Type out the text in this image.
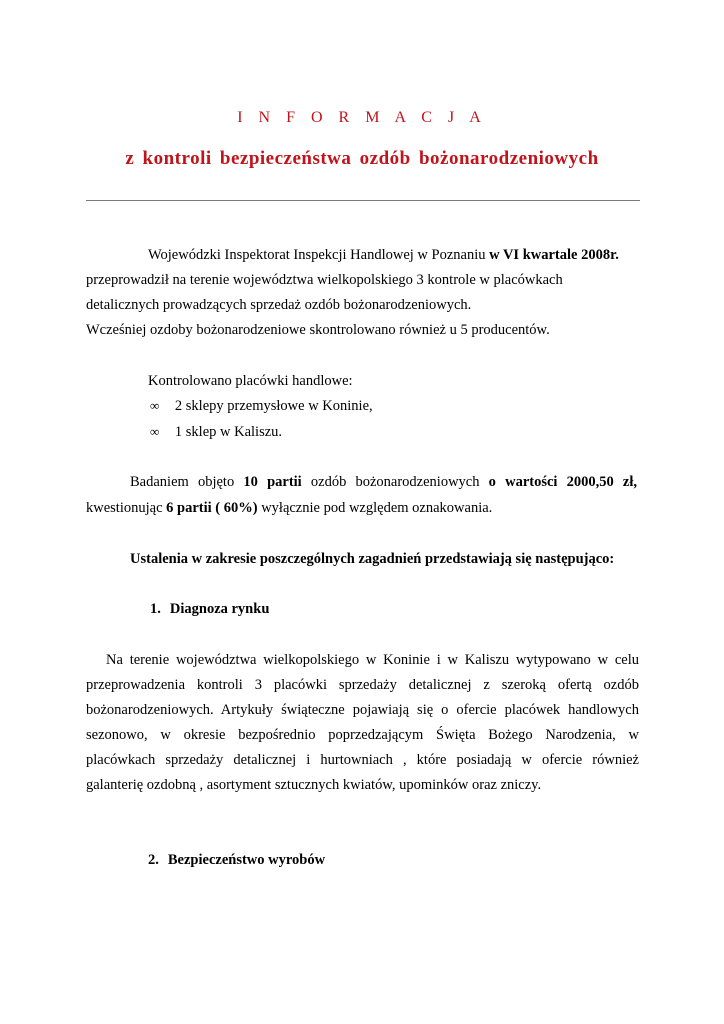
I N F O R M A C J A
z kontroli bezpieczeństwa ozdób bożonarodzeniowych
Wojewódzki Inspektorat Inspekcji Handlowej w Poznaniu w VI kwartale 2008r.
przeprowadził na terenie województwa wielkopolskiego 3 kontrole w placówkach
detalicznych prowadzących sprzedaż ozdób bożonarodzeniowych.
Wcześniej ozdoby bożonarodzeniowe skontrolowano również u 5 producentów.
Kontrolowano placówki handlowe:
∞ 2 sklepy przemysłowe w Koninie,
∞ 1 sklep w Kaliszu.
Badaniem objęto 10 partii ozdób bożonarodzeniowych o wartości 2000,50 zł,
kwestionując 6 partii ( 60%) wyłącznie pod względem oznakowania.
Ustalenia w zakresie poszczególnych zagadnień przedstawiają się następująco:
1. Diagnoza rynku
Na terenie województwa wielkopolskiego w Koninie i w Kaliszu wytypowano w celu
przeprowadzenia kontroli 3 placówki sprzedaży detalicznej z szeroką ofertą ozdób
bożonarodzeniowych. Artykuły świąteczne pojawiają się o ofercie placówek handlowych
sezonowo, w okresie bezpośrednio poprzedzającym Święta Bożego Narodzenia, w
placówkach sprzedaży detalicznej i hurtowniach , które posiadają w ofercie również
galanterię ozdobną , asortyment sztucznych kwiatów, upominków oraz zniczy.
2. Bezpieczeństwo wyrobów
